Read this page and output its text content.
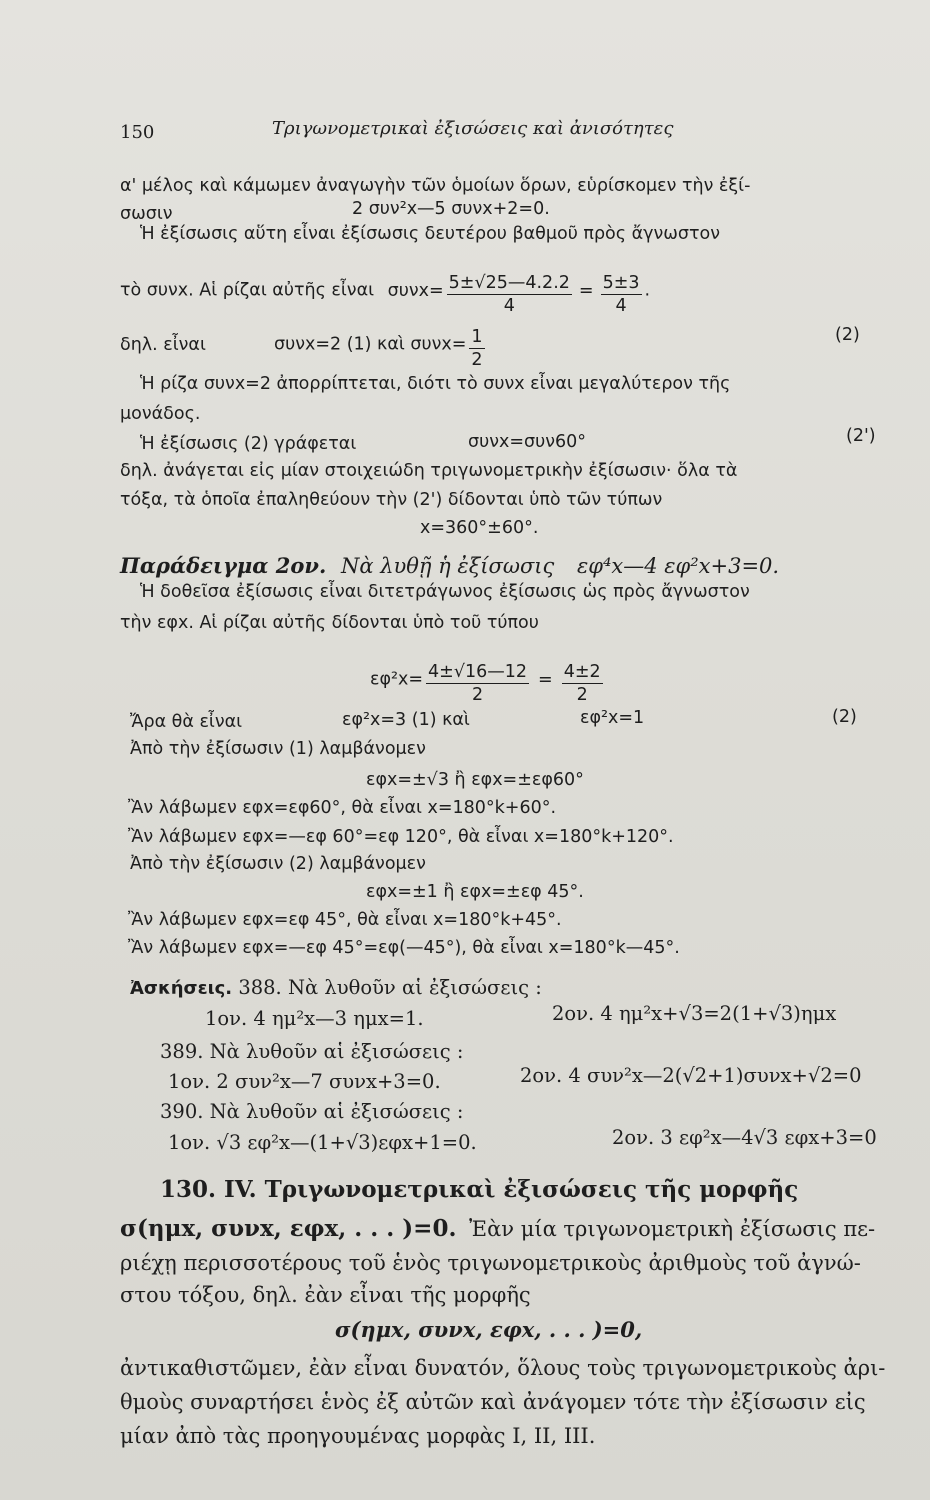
150	Τριγωνομετρικαὶ ἐξισώσεις καὶ ἀνισότητες
α' μέλος καὶ κάμωμεν ἀναγωγὴν τῶν ὁμοίων ὅρων, εὑρίσκομεν τὴν ἐξί-
σωσιν	2 συν²x—5 συνx+2=0.
Ἡ ἐξίσωσις αὕτη εἶναι ἐξίσωσις δευτέρου βαθμοῦ πρὸς ἄγνωστον
τὸ συνx. Αἱ ρίζαι αὐτῆς εἶναι $\sigma\upsilon\nu x= \frac{5\pm√25—4.2.2}{4} = \frac{5\pm 3}{4}$ .
δηλ. εἶναι	συνx=2 (1) καὶ $\sigma\upsilon\nu x= \frac{1}{2}$	(2)
Ἡ ρίζα συνx=2 ἀπορρίπτεται, διότι τὸ συνx εἶναι μεγαλύτερον τῆς
μονάδος.
Ἡ ἐξίσωσις (2) γράφεται	συνx=συν60°	(2')
δηλ. ἀνάγεται εἰς μίαν στοιχειώδη τριγωνομετρικὴν ἐξίσωσιν· ὅλα τὰ
τόξα, τὰ ὁποῖα ἐπαληθεύουν τὴν (2') δίδονται ὑπὸ τῶν τύπων
x=360°±60°.
Παράδειγμα 2ον. Νὰ λυθῇ ἡ ἐξίσωσις εφ⁴x—4 εφ²x+3=0.
Ἡ δοθεῖσα ἐξίσωσις εἶναι διτετράγωνος ἐξίσωσις ὡς πρὸς ἄγνωστον
τὴν εφx. Αἱ ρίζαι αὐτῆς δίδονται ὑπὸ τοῦ τύπου
$\varepsilon\varphi^2x= \frac{4\pm√16—12}{2} = \frac{4\pm 2}{2}$
Ἄρα θὰ εἶναι	εφ²x=3 (1) καὶ	εφ²x=1	(2)
Ἀπὸ τὴν ἐξίσωσιν (1) λαμβάνομεν
εφx=±√3 ἢ εφx=±εφ60°
Ἂν λάβωμεν εφx=εφ60°, θὰ εἶναι x=180°k+60°.
Ἂν λάβωμεν εφx=—εφ 60°=εφ 120°, θὰ εἶναι x=180°k+120°.
Ἀπὸ τὴν ἐξίσωσιν (2) λαμβάνομεν
εφx=±1 ἢ εφx=±εφ 45°.
Ἂν λάβωμεν εφx=εφ 45°, θὰ εἶναι x=180°k+45°.
Ἂν λάβωμεν εφx=—εφ 45°=εφ(—45°), θὰ εἶναι x=180°k—45°.
Ἀσκήσεις. 388. Νὰ λυθοῦν αἱ ἐξισώσεις :
1ον. 4 ημ²x—3 ημx=1.	2ον. 4 ημ²x+√3=2(1+√3)ημx
389. Νὰ λυθοῦν αἱ ἐξισώσεις :
1ον. 2 συν²x—7 συνx+3=0.	2ον. 4 συν²x—2(√2+1)συνx+√2=0
390. Νὰ λυθοῦν αἱ ἐξισώσεις :
1ον. √3 εφ²x—(1+√3)εφx+1=0.	2ον. 3 εφ²x—4√3 εφx+3=0
130. IV. Τριγωνομετρικαὶ ἐξισώσεις τῆς μορφῆς
σ(ημx, συνx, εφx, . . . )=0. Ἐὰν μία τριγωνομετρικὴ ἐξίσωσις πε-
ριέχῃ περισσοτέρους τοῦ ἑνὸς τριγωνομετρικοὺς ἀριθμοὺς τοῦ ἀγνώ-
στου τόξου, δηλ. ἐὰν εἶναι τῆς μορφῆς
σ(ημx, συνx, εφx, . . . )=0,
ἀντικαθιστῶμεν, ἐὰν εἶναι δυνατόν, ὅλους τοὺς τριγωνομετρικοὺς ἀρι-
θμοὺς συναρτήσει ἑνὸς ἐξ αὐτῶν καὶ ἀνάγομεν τότε τὴν ἐξίσωσιν εἰς
μίαν ἀπὸ τὰς προηγουμένας μορφὰς I, II, III.
